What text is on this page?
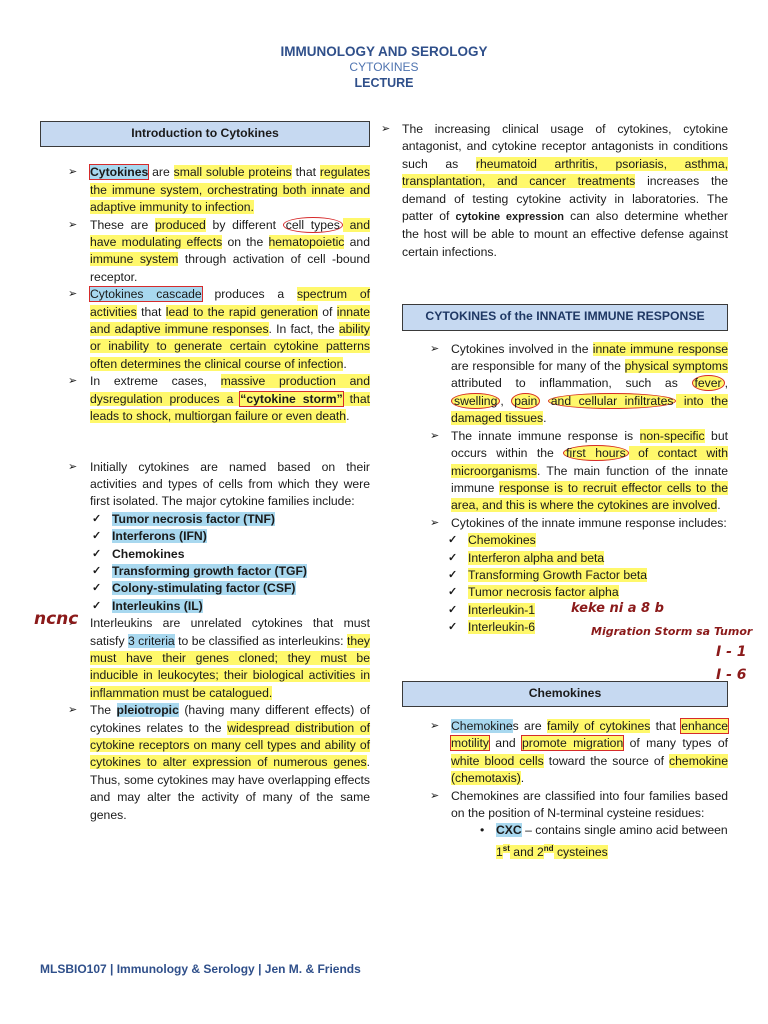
IMMUNOLOGY AND SEROLOGY
CYTOKINES
LECTURE
Introduction to Cytokines
➢ Cytokines are small soluble proteins that regulates the immune system, orchestrating both innate and adaptive immunity to infection.
➢ These are produced by different cell types and have modulating effects on the hematopoietic and immune system through activation of cell -bound receptor.
➢ Cytokines cascade produces a spectrum of activities that lead to the rapid generation of innate and adaptive immune responses. In fact, the ability or inability to generate certain cytokine patterns often determines the clinical course of infection.
➢ In extreme cases, massive production and dysregulation produces a “cytokine storm” that leads to shock, multiorgan failure or even death.
➢ Initially cytokines are named based on their activities and types of cells from which they were first isolated. The major cytokine families include:
✓ Tumor necrosis factor (TNF)
✓ Interferons (IFN)
✓ Chemokines
✓ Transforming growth factor (TGF)
✓ Colony-stimulating factor (CSF)
✓ Interleukins (IL)
➢ Interleukins are unrelated cytokines that must satisfy 3 criteria to be classified as interleukins: they must have their genes cloned; they must be inducible in leukocytes; their biological activities in inflammation must be catalogued.
➢ The pleiotropic (having many different effects) of cytokines relates to the widespread distribution of cytokine receptors on many cell types and ability of cytokines to alter expression of numerous genes. Thus, some cytokines may have overlapping effects and may alter the activity of many of the same genes.
ncnc
➢ The increasing clinical usage of cytokines, cytokine antagonist, and cytokine receptor antagonists in conditions such as rheumatoid arthritis, psoriasis, asthma, transplantation, and cancer treatments increases the demand of testing cytokine activity in laboratories. The patter of cytokine expression can also determine whether the host will be able to mount an effective defense against certain infections.
CYTOKINES of the INNATE IMMUNE RESPONSE
➢ Cytokines involved in the innate immune response are responsible for many of the physical symptoms attributed to inflammation, such as fever , swelling , pain and cellular infiltrates into the damaged tissues.
➢ The innate immune response is non-specific but occurs within the first hours of contact with microorganisms. The main function of the innate immune response is to recruit effector cells to the area, and this is where the cytokines are involved.
➢ Cytokines of the innate immune response includes:
✓ Chemokines
✓ Interferon alpha and beta
✓ Transforming Growth Factor beta
✓ Tumor necrosis factor alpha
✓ Interleukin-1
✓ Interleukin-6
Chemokines
➢ Chemokines are family of cytokines that enhance motility and promote migration of many types of white blood cells toward the source of chemokine (chemotaxis).
➢ Chemokines are classified into four families based on the position of N-terminal cysteine residues:
• CXC – contains single amino acid between 1st and 2nd cysteines
keke ni a 8 b
Migration Storm sa Tumor
I - 1
I - 6
MLSBIO107 | Immunology & Serology | Jen M. & Friends
